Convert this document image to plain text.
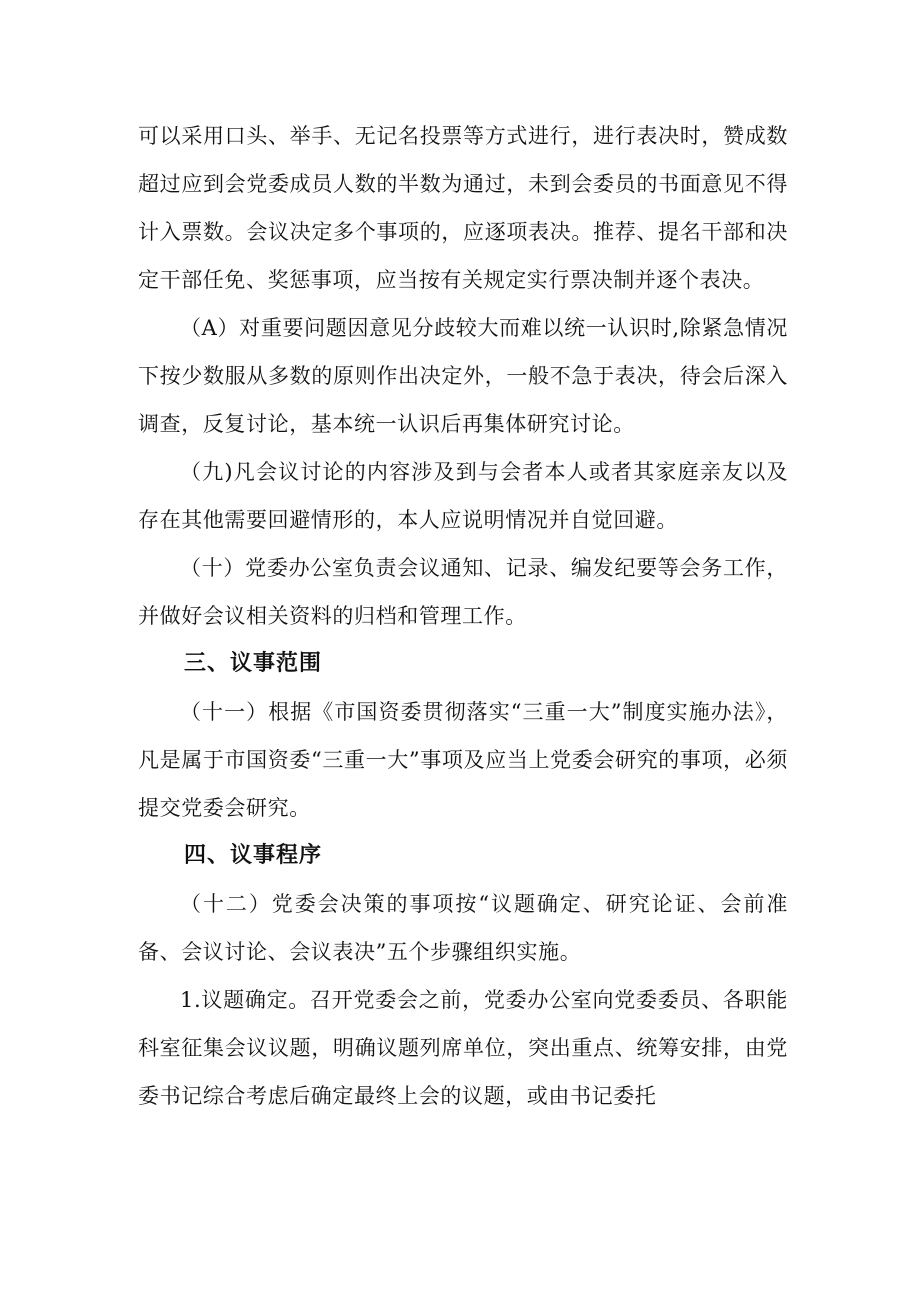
可以采用口头、举手、无记名投票等方式进行，进行表决时，赞成数超过应到会党委成员人数的半数为通过，未到会委员的书面意见不得计入票数。会议决定多个事项的，应逐项表决。推荐、提名干部和决定干部任免、奖惩事项，应当按有关规定实行票决制并逐个表决。

（A）对重要问题因意见分歧较大而难以统一认识时,除紧急情况下按少数服从多数的原则作出决定外，一般不急于表决，待会后深入调查，反复讨论，基本统一认识后再集体研究讨论。

（九)凡会议讨论的内容涉及到与会者本人或者其家庭亲友以及存在其他需要回避情形的，本人应说明情况并自觉回避。

（十）党委办公室负责会议通知、记录、编发纪要等会务工作，并做好会议相关资料的归档和管理工作。

三、议事范围

（十一）根据《市国资委贯彻落实“三重一大”制度实施办法》，凡是属于市国资委“三重一大”事项及应当上党委会研究的事项，必须提交党委会研究。

四、议事程序

（十二）党委会决策的事项按“议题确定、研究论证、会前准备、会议讨论、会议表决”五个步骤组织实施。

1.议题确定。召开党委会之前，党委办公室向党委委员、各职能科室征集会议议题，明确议题列席单位，突出重点、统筹安排，由党委书记综合考虑后确定最终上会的议题，或由书记委托
